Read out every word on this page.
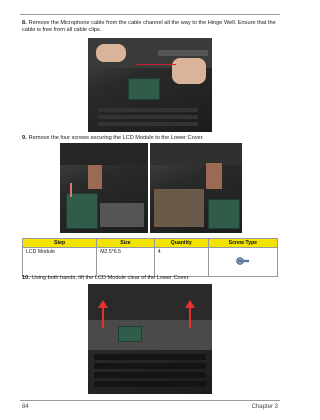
8. Remove the Microphone cable from the cable channel all the way to the Hinge Well. Ensure that the cable is free from all cable clips.
9. Remove the four screws securing the LCD Module to the Lower Cover.
Step	Size	Quantity	Screw Type
LCD Module	M2.5*6.5	4	
10. Using both hands, lift the LCD Module clear of the Lower Cover.
84	Chapter 3
